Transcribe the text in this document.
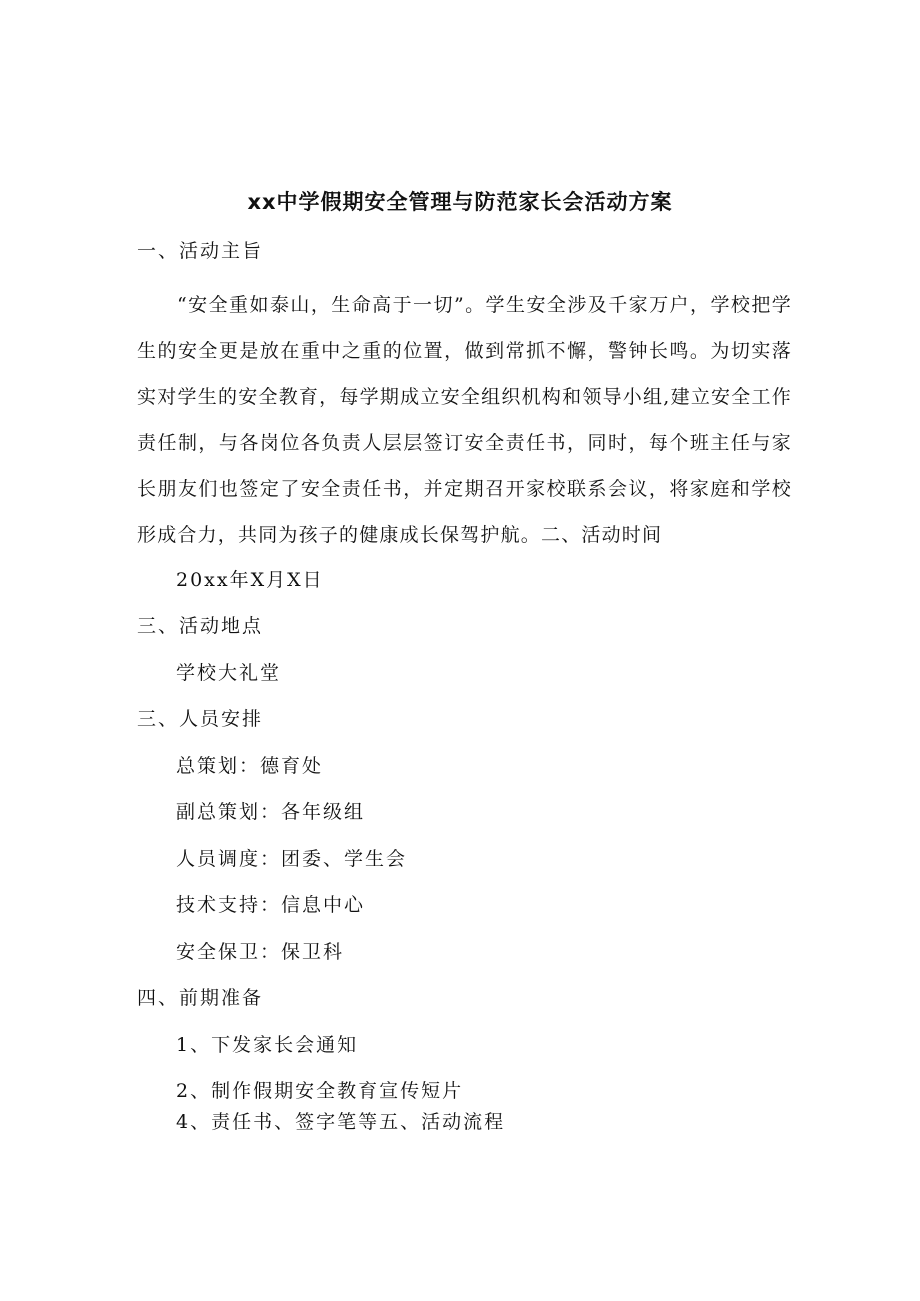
xx中学假期安全管理与防范家长会活动方案
一、活动主旨
“安全重如泰山，生命高于一切”。学生安全涉及千家万户，学校把学生的安全更是放在重中之重的位置，做到常抓不懈，警钟长鸣。为切实落实对学生的安全教育，每学期成立安全组织机构和领导小组,建立安全工作责任制，与各岗位各负责人层层签订安全责任书，同时，每个班主任与家长朋友们也签定了安全责任书，并定期召开家校联系会议，将家庭和学校形成合力，共同为孩子的健康成长保驾护航。二、活动时间
20xx年X月X日
三、活动地点
学校大礼堂
三、人员安排
总策划：德育处
副总策划：各年级组
人员调度：团委、学生会
技术支持：信息中心
安全保卫：保卫科
四、前期准备
1、下发家长会通知
2、制作假期安全教育宣传短片
4、责任书、签字笔等五、活动流程
